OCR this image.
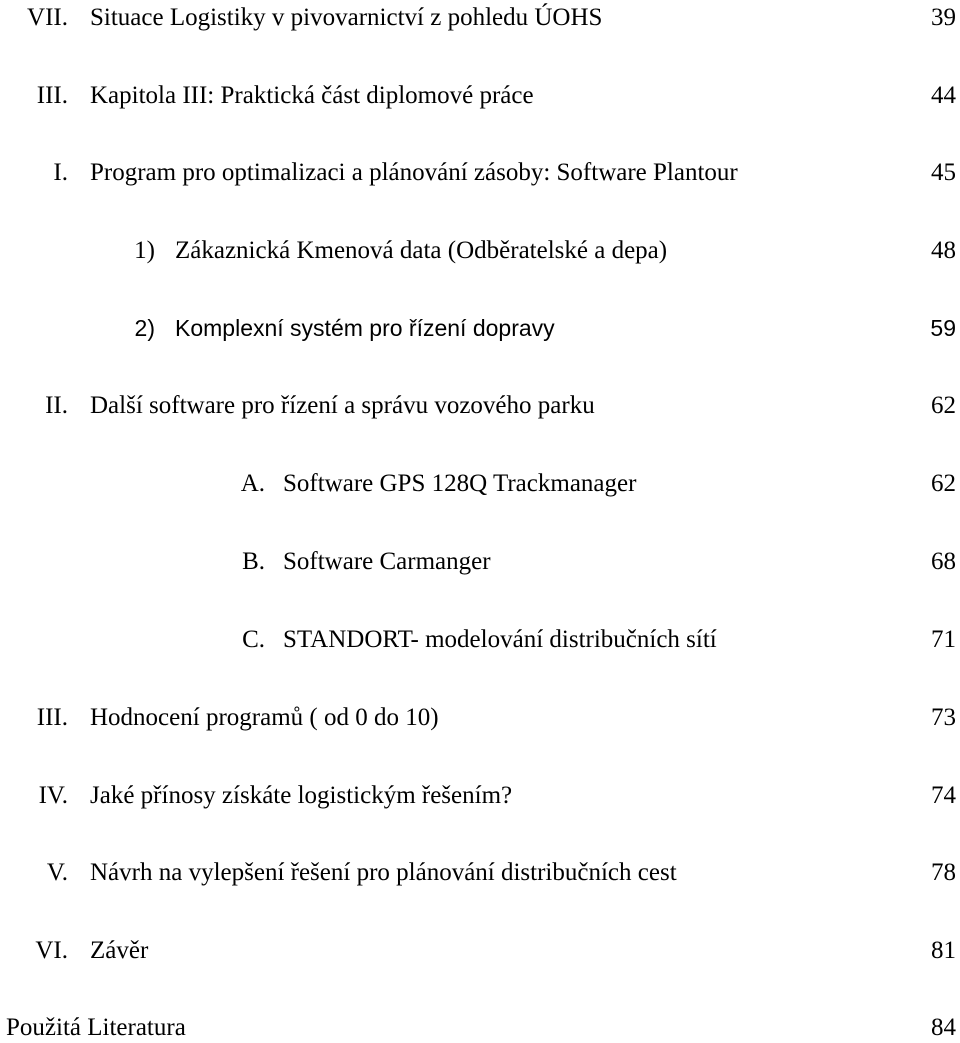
VII. Situace Logistiky v pivovarnictví z pohledu ÚOHS	39
III. Kapitola III: Praktická část diplomové práce	44
I. Program pro optimalizaci a plánování zásoby: Software Plantour	45
1) Zákaznická Kmenová data (Odběratelské a depa)	48
2) Komplexní systém pro řízení dopravy	59
II. Další software pro řízení a správu vozového parku	62
A. Software GPS 128Q Trackmanager	62
B. Software Carmanger	68
C. STANDORT- modelování distribučních sítí	71
III. Hodnocení programů ( od 0 do 10)	73
IV. Jaké přínosy získáte logistickým řešením?	74
V. Návrh na vylepšení řešení pro plánování distribučních cest	78
VI. Závěr	81
Použitá Literatura	84
